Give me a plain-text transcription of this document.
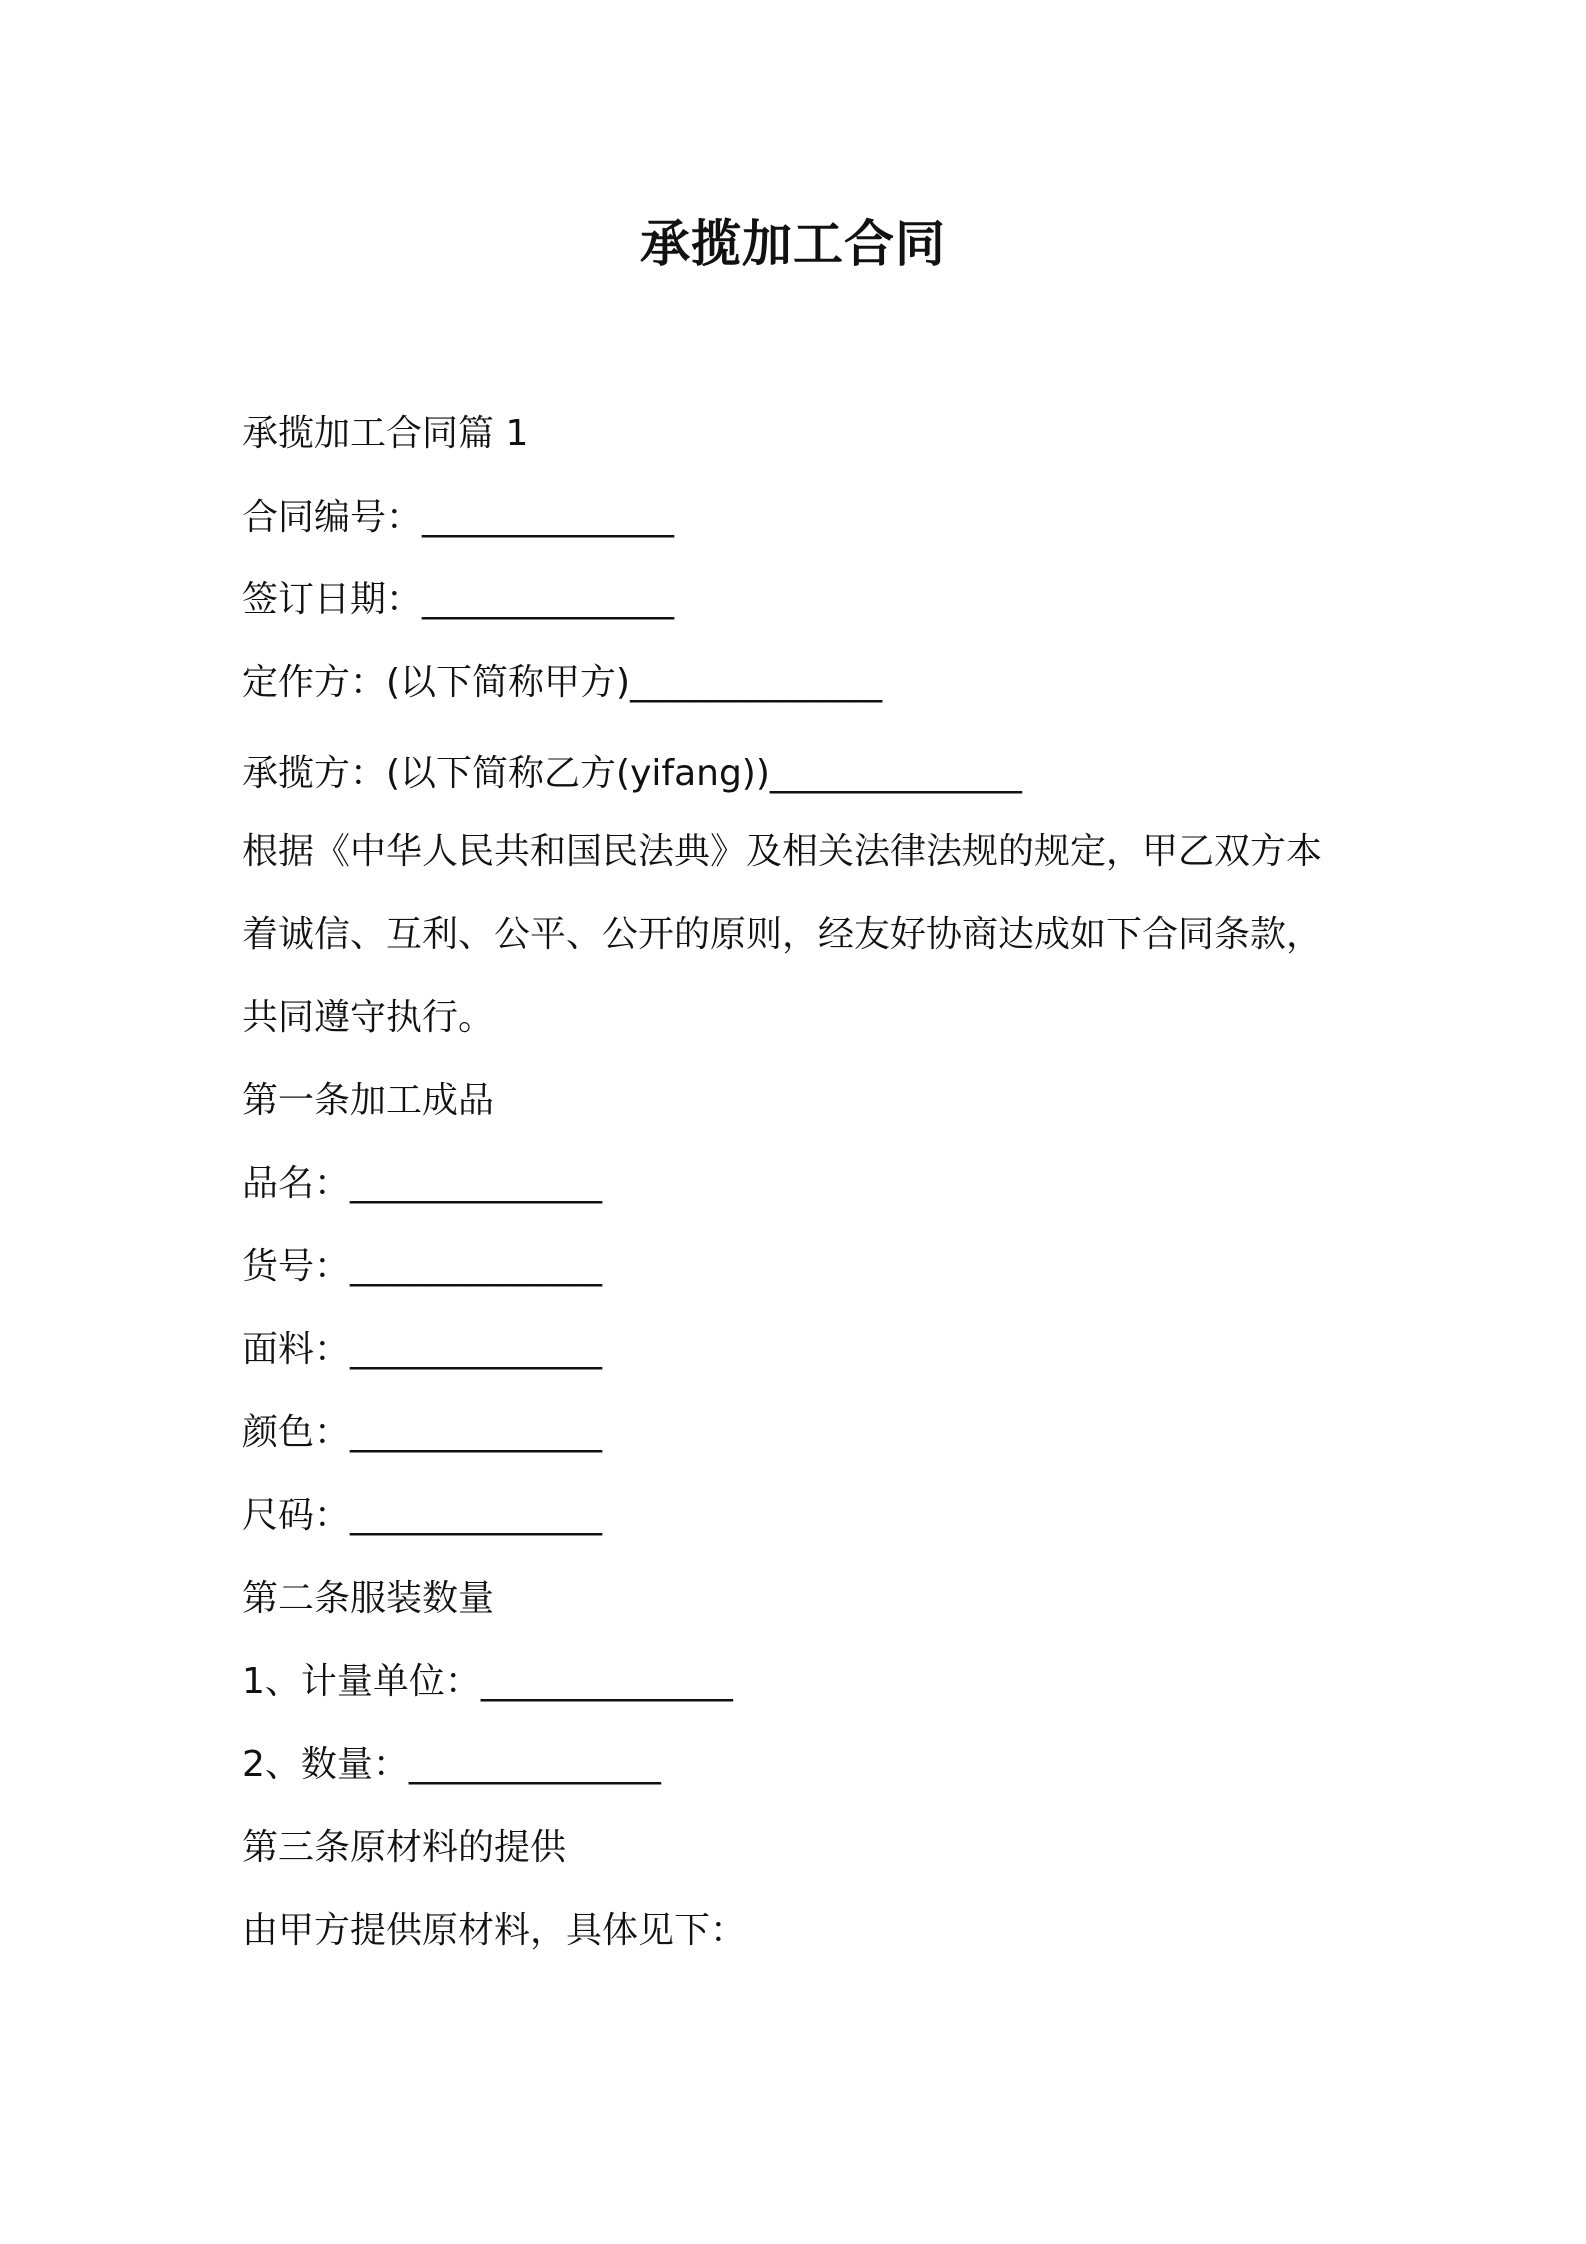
承揽加工合同
承揽加工合同篇 1
合同编号：______________
签订日期：______________
定作方：(以下简称甲方)______________
承揽方：(以下简称乙方(yifang))______________
根据《中华人民共和国民法典》及相关法律法规的规定，甲乙双方本
着诚信、互利、公平、公开的原则，经友好协商达成如下合同条款，
共同遵守执行。
第一条加工成品
品名：______________
货号：______________
面料：______________
颜色：______________
尺码：______________
第二条服装数量
1、计量单位：______________
2、数量：______________
第三条原材料的提供
由甲方提供原材料，具体见下：
